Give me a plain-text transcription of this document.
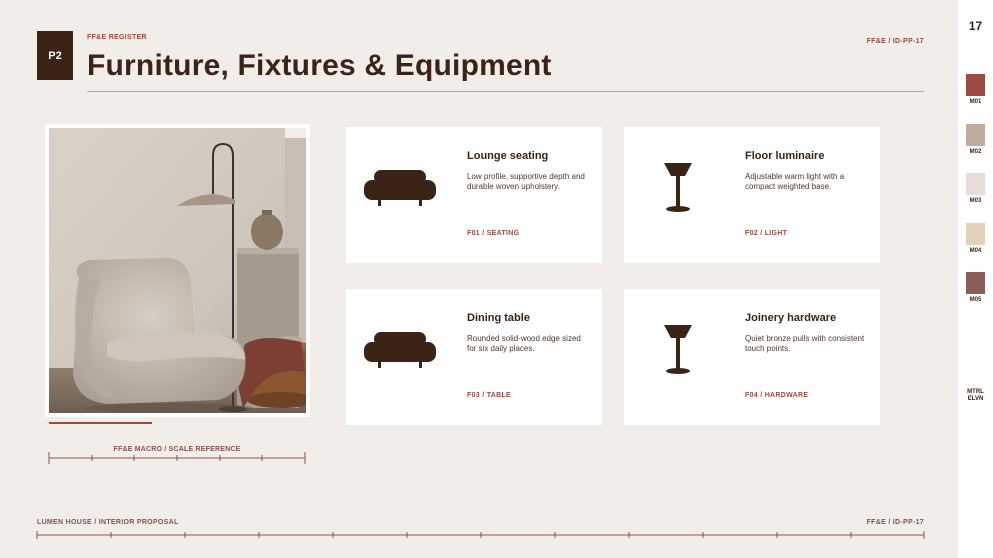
P2
FF&E REGISTER
FF&E / ID-PP-17
Furniture, Fixtures & Equipment
FF&E MACRO / SCALE REFERENCE
Lounge seating
Low profile, supportive depth and durable woven upholstery.
F01 / SEATING
Floor luminaire
Adjustable warm light with a compact weighted base.
F02 / LIGHT
Dining table
Rounded solid-wood edge sized for six daily places.
F03 / TABLE
Joinery hardware
Quiet bronze pulls with consistent touch points.
F04 / HARDWARE
LUMEN HOUSE / INTERIOR PROPOSAL	FF&E / ID-PP-17
17
M01
M02
M03
M04
M05
MTRL
ELVN
